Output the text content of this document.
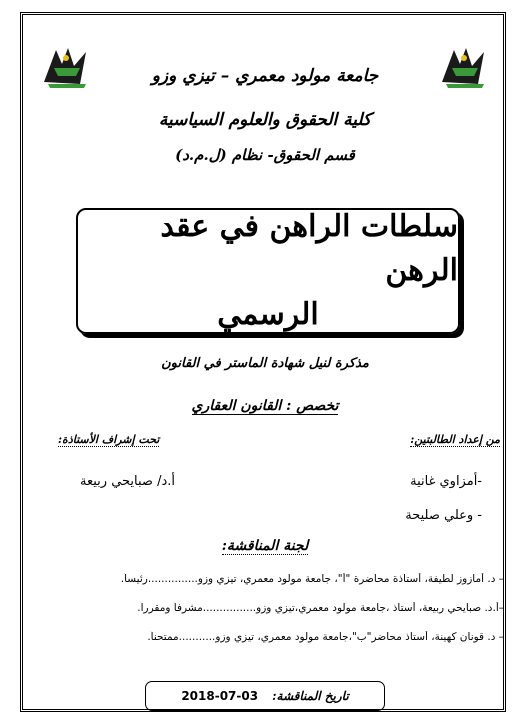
جامعة مولود معمري – تيزي وزو
كلية الحقوق والعلوم السياسية
قسم الحقوق- نظام (ل.م.د)
سلطات الراهن في عقد الرهن
الرسمي
مذكرة لنيل شهادة الماستر في القانون
تخصص : القانون العقاري
من إعداد الطالبتين:
تحت إشراف الأستاذة:
-أمزاوي غانية
- وعلي صليحة
أ.د/ صبايحي ربيعة
لجنة المناقشة:
– د. أمازوز لطيفة، أستاذة محاضرة "أ"، جامعة مولود معمري، تيزي وزو...............رئيساً.
–أ.د. صبايحي ربيعة، أستاذ ،جامعة مولود معمري،تيزي وزو................مشرفاً ومقرراً.
– د. قونان كهينة، أستاذ محاضر"ب"،جامعة مولود معمري، تيزي وزو...........ممتحناً.
تاريخ المناقشة:
2018-07-03
